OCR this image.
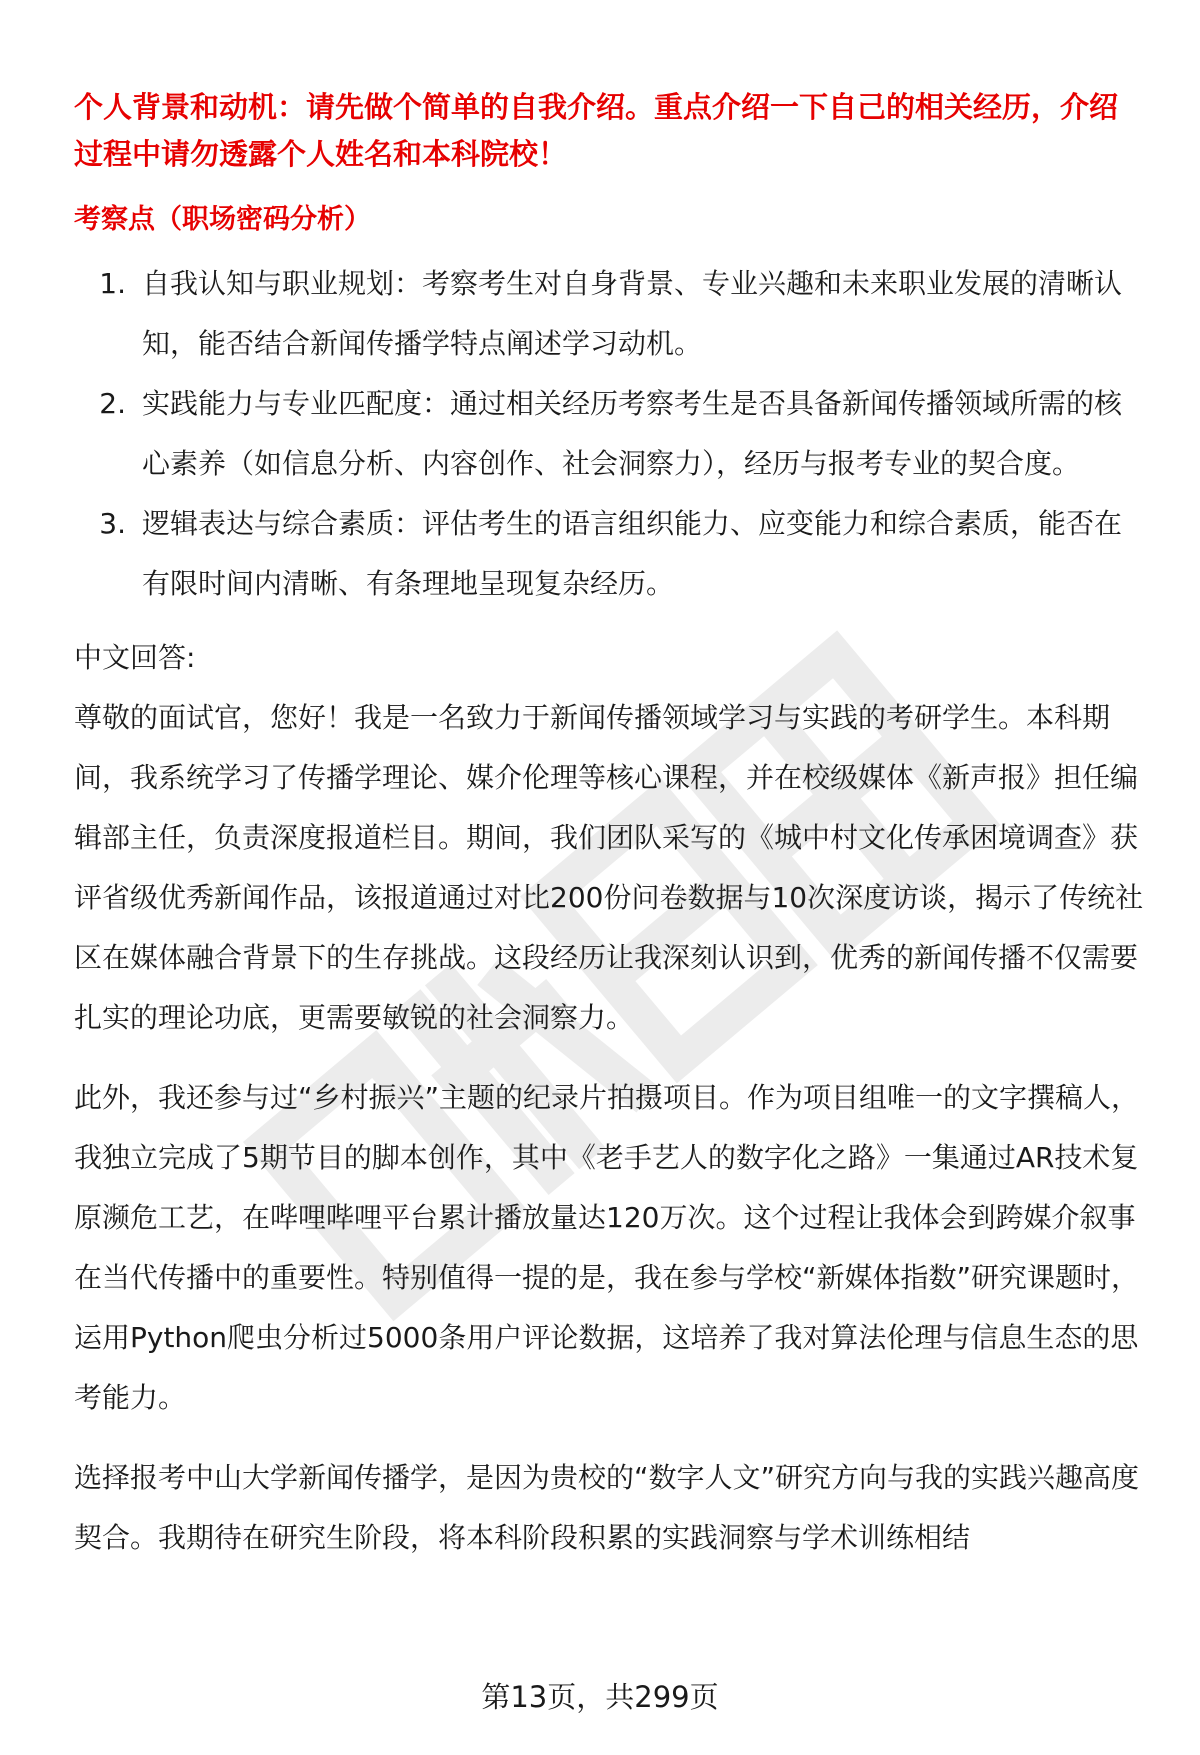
个人背景和动机：请先做个简单的自我介绍。重点介绍一下自己的相关经历，介绍过程中请勿透露个人姓名和本科院校！

考察点（职场密码分析）

1. 自我认知与职业规划：考察考生对自身背景、专业兴趣和未来职业发展的清晰认知，能否结合新闻传播学特点阐述学习动机。
2. 实践能力与专业匹配度：通过相关经历考察考生是否具备新闻传播领域所需的核心素养（如信息分析、内容创作、社会洞察力），经历与报考专业的契合度。
3. 逻辑表达与综合素质：评估考生的语言组织能力、应变能力和综合素质，能否在有限时间内清晰、有条理地呈现复杂经历。

中文回答:

尊敬的面试官，您好！我是一名致力于新闻传播领域学习与实践的考研学生。本科期间，我系统学习了传播学理论、媒介伦理等核心课程，并在校级媒体《新声报》担任编辑部主任，负责深度报道栏目。期间，我们团队采写的《城中村文化传承困境调查》获评省级优秀新闻作品，该报道通过对比200份问卷数据与10次深度访谈，揭示了传统社区在媒体融合背景下的生存挑战。这段经历让我深刻认识到，优秀的新闻传播不仅需要扎实的理论功底，更需要敏锐的社会洞察力。

此外，我还参与过“乡村振兴”主题的纪录片拍摄项目。作为项目组唯一的文字撰稿人，我独立完成了5期节目的脚本创作，其中《老手艺人的数字化之路》一集通过AR技术复原濒危工艺，在哔哩哔哩平台累计播放量达120万次。这个过程让我体会到跨媒介叙事在当代传播中的重要性。特别值得一提的是，我在参与学校“新媒体指数”研究课题时，运用Python爬虫分析过5000条用户评论数据，这培养了我对算法伦理与信息生态的思考能力。

选择报考中山大学新闻传播学，是因为贵校的“数字人文”研究方向与我的实践兴趣高度契合。我期待在研究生阶段，将本科阶段积累的实践洞察与学术训练相结

第13页，共299页
